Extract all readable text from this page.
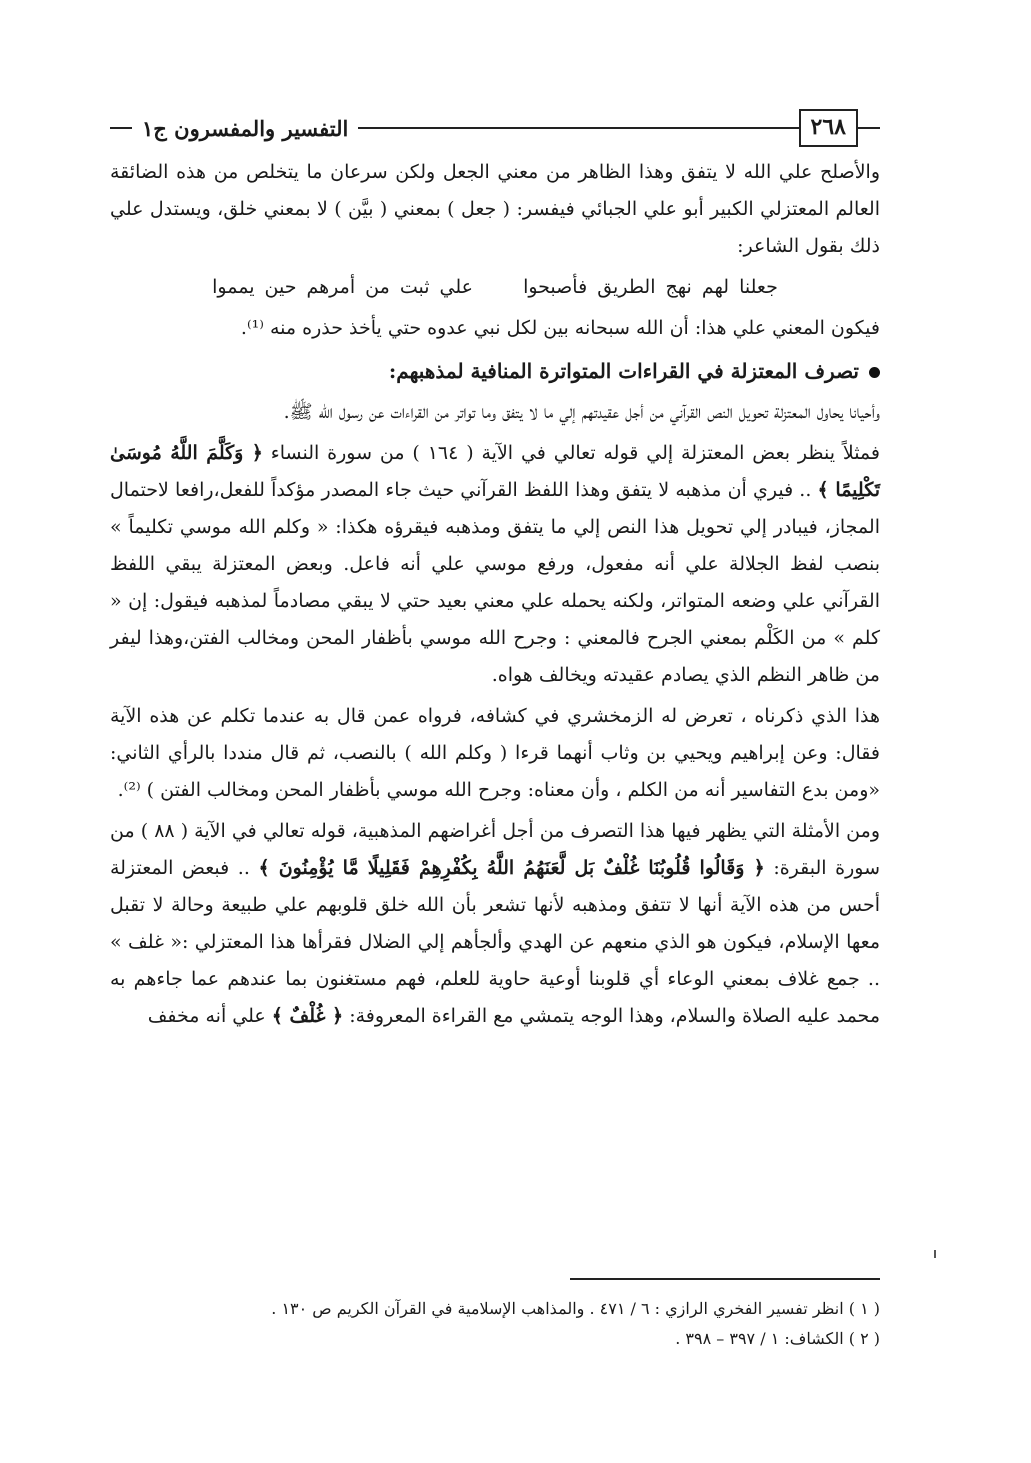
٢٦٨
التفسير والمفسرون ج١

والأصلح علي الله لا يتفق وهذا الظاهر من معني الجعل ولكن سرعان ما يتخلص من هذه الضائقة العالم المعتزلي الكبير أبو علي الجبائي فيفسر: ( جعل ) بمعني ( بيَّن ) لا بمعني خلق، ويستدل علي ذلك بقول الشاعر:

جعلنا لهم نهج الطريق فأصبحوا علي ثبت من أمرهم حين يمموا

فيكون المعني علي هذا: أن الله سبحانه بين لكل نبي عدوه حتي يأخذ حذره منه ⁽¹⁾.

تصرف المعتزلة في القراءات المتواترة المنافية لمذهبهم:

وأحيانا يحاول المعتزلة تحويل النص القرآني من أجل عقيدتهم إلي ما لا يتفق وما تواتر من القراءات عن رسول الله ﷺ.

فمثلاً ينظر بعض المعتزلة إلي قوله تعالي في الآية ( ١٦٤ ) من سورة النساء ﴿ وَكَلَّمَ اللَّهُ مُوسَىٰ تَكْلِيمًا ﴾ .. فيري أن مذهبه لا يتفق وهذا اللفظ القرآني حيث جاء المصدر مؤكداً للفعل،رافعا لاحتمال المجاز، فيبادر إلي تحويل هذا النص إلي ما يتفق ومذهبه فيقرؤه هكذا: « وكلم الله موسي تكليماً » بنصب لفظ الجلالة علي أنه مفعول، ورفع موسي علي أنه فاعل. وبعض المعتزلة يبقي اللفظ القرآني علي وضعه المتواتر، ولكنه يحمله علي معني بعيد حتي لا يبقي مصادماً لمذهبه فيقول: إن « كلم » من الكَلْم بمعني الجرح فالمعني : وجرح الله موسي بأظفار المحن ومخالب الفتن،وهذا ليفر من ظاهر النظم الذي يصادم عقيدته ويخالف هواه.

هذا الذي ذكرناه ، تعرض له الزمخشري في كشافه، فرواه عمن قال به عندما تكلم عن هذه الآية فقال: وعن إبراهيم ويحيي بن وثاب أنهما قرءا ( وكلم الله ) بالنصب، ثم قال منددا بالرأي الثاني: «ومن بدع التفاسير أنه من الكلم ، وأن معناه: وجرح الله موسي بأظفار المحن ومخالب الفتن ) ⁽²⁾.

ومن الأمثلة التي يظهر فيها هذا التصرف من أجل أغراضهم المذهبية، قوله تعالي في الآية ( ٨٨ ) من سورة البقرة: ﴿ وَقَالُوا قُلُوبُنَا غُلْفٌ بَل لَّعَنَهُمُ اللَّهُ بِكُفْرِهِمْ فَقَلِيلًا مَّا يُؤْمِنُونَ ﴾ .. فبعض المعتزلة أحس من هذه الآية أنها لا تتفق ومذهبه لأنها تشعر بأن الله خلق قلوبهم علي طبيعة وحالة لا تقبل معها الإسلام، فيكون هو الذي منعهم عن الهدي وألجأهم إلي الضلال فقرأها هذا المعتزلي :« غلف » .. جمع غلاف بمعني الوعاء أي قلوبنا أوعية حاوية للعلم، فهم مستغنون بما عندهم عما جاءهم به محمد عليه الصلاة والسلام، وهذا الوجه يتمشي مع القراءة المعروفة: ﴿ غُلْفٌ ﴾ علي أنه مخفف

( ١ ) انظر تفسير الفخري الرازي : ٦ / ٤٧١ . والمذاهب الإسلامية في القرآن الكريم ص ١٣٠ .
( ٢ ) الكشاف: ١ / ٣٩٧ – ٣٩٨ .
